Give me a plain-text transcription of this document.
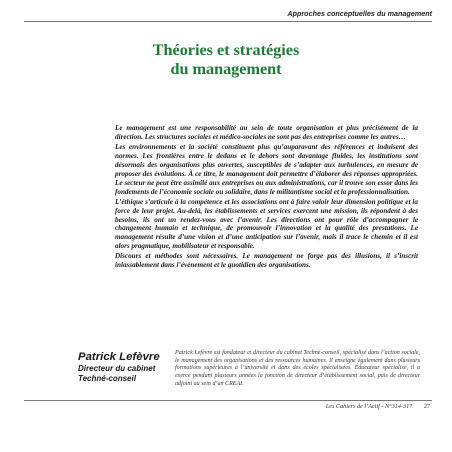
Approches conceptuelles du management
Théories et stratégies
du management

Le management est une responsabilité au sein de toute organisation et plus précisément de la direction. Les structures sociales et médico-sociales ne sont pas des entreprises comme les autres…

Les environnements et la société constituent plus qu’auparavant des références et induisent des normes. Les frontières entre le dedans et le dehors sont davantage fluides, les institutions sont désormais des organisations plus ouvertes, susceptibles de s’adapter aux turbulences, en mesure de proposer des évolutions. À ce titre, le management doit permettre d’élaborer des réponses appropriées. Le secteur ne peut être assimilé aux entreprises ou aux administrations, car il trouve son essor dans les fondements de l’économie sociale ou solidaire, dans le militantisme social et la professionnalisation.

L’éthique s’articule à la compétence et les associations ont à faire valoir leur dimension politique et la force de leur projet. Au-delà, les établissements et services exercent une mission, ils répondent à des besoins, ils ont un rendez-vous avec l’avenir. Les directions ont pour rôle d’accompagner le changement humain et technique, de promouvoir l’innovation et la qualité des prestations. Le management résulte d’une vision et d’une anticipation sur l’avenir, mais il trace le chemin et il est alors pragmatique, mobilisateur et responsable.

Discours et méthodes sont nécessaires. Le management ne forge pas des illusions, il s’inscrit inlassablement dans l’évènement et le quotidien des organisations.

Patrick Lefèvre
Directeur du cabinet
Techné-conseil
Patrick Lefèvre est fondateur et directeur du cabinet Techné-conseil, spécialisé dans l’action sociale, le management des organisations et des ressources humaines. Il enseigne également dans plusieurs formations supérieures à l’université et dans des écoles spécialisées. Éducateur spécialisé, il a exercé pendant plusieurs années la fonction de directeur d’établissement social, puis de directeur adjoint au sein d’un CREAI.
Les Cahiers de l’Actif - N°314-317 27
